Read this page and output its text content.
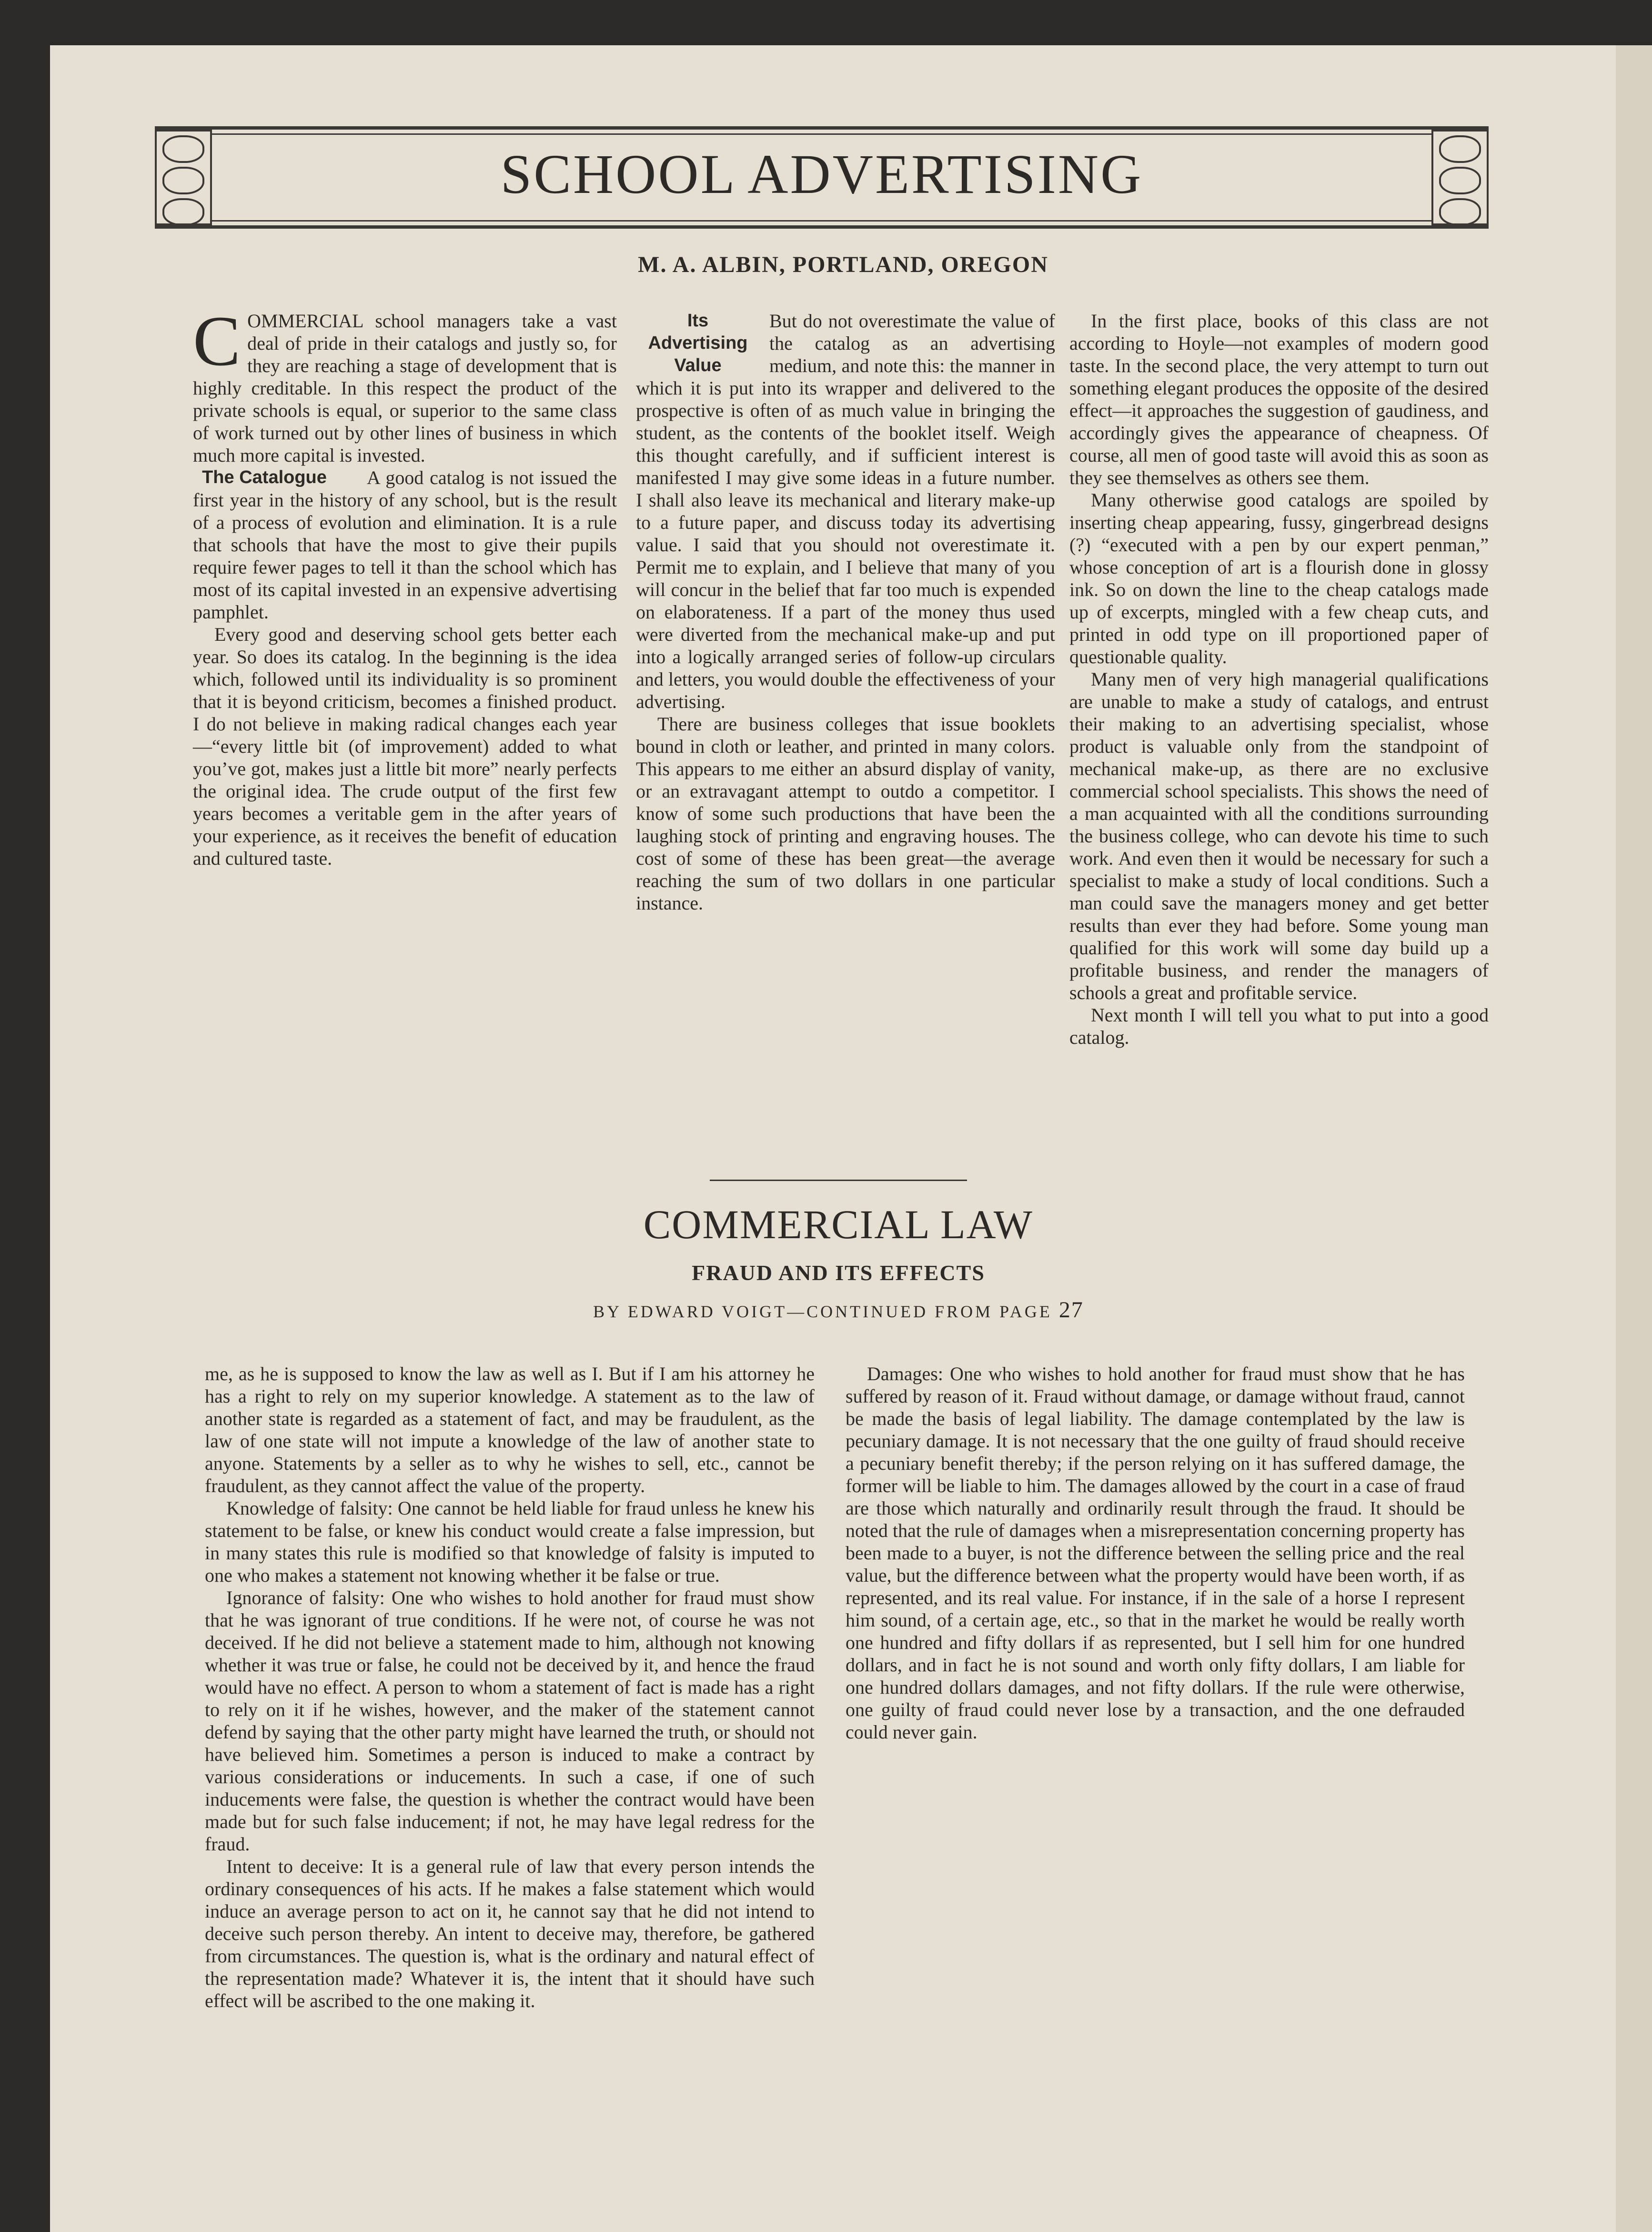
SCHOOL ADVERTISING
M. A. ALBIN, PORTLAND, OREGON

COMMERCIAL school managers take a vast deal of pride in their catalogs and justly so, for they are reaching a stage of development that is highly creditable. In this respect the product of the private schools is equal, or superior to the same class of work turned out by other lines of business in which much more capital is invested.

The Catalogue	A good catalog is not issued the first year in the history of any school, but is the result of a process of evolution and elimination. It is a rule that schools that have the most to give their pupils require fewer pages to tell it than the school which has most of its capital invested in an expensive advertising pamphlet.

Every good and deserving school gets better each year. So does its catalog. In the beginning is the idea which, followed until its individuality is so prominent that it is beyond criticism, becomes a finished product. I do not believe in making radical changes each year—“every little bit (of improvement) added to what you’ve got, makes just a little bit more” nearly perfects the original idea. The crude output of the first few years becomes a veritable gem in the after years of your experience, as it receives the benefit of education and cultured taste.

Its Advertising Value

But do not overestimate the value of the catalog as an advertising medium, and note this: the manner in which it is put into its wrapper and delivered to the prospective is often of as much value in bringing the student, as the contents of the booklet itself. Weigh this thought carefully, and if sufficient interest is manifested I may give some ideas in a future number. I shall also leave its mechanical and literary make-up to a future paper, and discuss today its advertising value. I said that you should not overestimate it. Permit me to explain, and I believe that many of you will concur in the belief that far too much is expended on elaborateness. If a part of the money thus used were diverted from the mechanical make-up and put into a logically arranged series of follow-up circulars and letters, you would double the effectiveness of your advertising.

There are business colleges that issue booklets bound in cloth or leather, and printed in many colors. This appears to me either an absurd display of vanity, or an extravagant attempt to outdo a competitor. I know of some such productions that have been the laughing stock of printing and engraving houses. The cost of some of these has been great—the average reaching the sum of two dollars in one particular instance.

In the first place, books of this class are not according to Hoyle—not examples of modern good taste. In the second place, the very attempt to turn out something elegant produces the opposite of the desired effect—it approaches the suggestion of gaudiness, and accordingly gives the appearance of cheapness. Of course, all men of good taste will avoid this as soon as they see themselves as others see them.

Many otherwise good catalogs are spoiled by inserting cheap appearing, fussy, gingerbread designs (?) “executed with a pen by our expert penman,” whose conception of art is a flourish done in glossy ink. So on down the line to the cheap catalogs made up of excerpts, mingled with a few cheap cuts, and printed in odd type on ill proportioned paper of questionable quality.

Many men of very high managerial qualifications are unable to make a study of catalogs, and entrust their making to an advertising specialist, whose product is valuable only from the standpoint of mechanical make-up, as there are no exclusive commercial school specialists. This shows the need of a man acquainted with all the conditions surrounding the business college, who can devote his time to such work. And even then it would be necessary for such a specialist to make a study of local conditions. Such a man could save the managers money and get better results than ever they had before. Some young man qualified for this work will some day build up a profitable business, and render the managers of schools a great and profitable service.

Next month I will tell you what to put into a good catalog.

COMMERCIAL LAW
FRAUD AND ITS EFFECTS
BY EDWARD VOIGT—CONTINUED FROM PAGE 27

me, as he is supposed to know the law as well as I. But if I am his attorney he has a right to rely on my superior knowledge. A statement as to the law of another state is regarded as a statement of fact, and may be fraudulent, as the law of one state will not impute a knowledge of the law of another state to anyone. Statements by a seller as to why he wishes to sell, etc., cannot be fraudulent, as they cannot affect the value of the property.

Knowledge of falsity: One cannot be held liable for fraud unless he knew his statement to be false, or knew his conduct would create a false impression, but in many states this rule is modified so that knowledge of falsity is imputed to one who makes a statement not knowing whether it be false or true.

Ignorance of falsity: One who wishes to hold another for fraud must show that he was ignorant of true conditions. If he were not, of course he was not deceived. If he did not believe a statement made to him, although not knowing whether it was true or false, he could not be deceived by it, and hence the fraud would have no effect. A person to whom a statement of fact is made has a right to rely on it if he wishes, however, and the maker of the statement cannot defend by saying that the other party might have learned the truth, or should not have believed him. Sometimes a person is induced to make a contract by various considerations or inducements. In such a case, if one of such inducements were false, the question is whether the contract would have been made but for such false inducement; if not, he may have legal redress for the fraud.

Intent to deceive: It is a general rule of law that every person intends the ordinary consequences of his acts. If he makes a false statement which would induce an average person to act on it, he cannot say that he did not intend to deceive such person thereby. An intent to deceive may, therefore, be gathered from circumstances. The question is, what is the ordinary and natural effect of the representation made? Whatever it is, the intent that it should have such effect will be ascribed to the one making it.

Damages: One who wishes to hold another for fraud must show that he has suffered by reason of it. Fraud without damage, or damage without fraud, cannot be made the basis of legal liability. The damage contemplated by the law is pecuniary damage. It is not necessary that the one guilty of fraud should receive a pecuniary benefit thereby; if the person relying on it has suffered damage, the former will be liable to him. The damages allowed by the court in a case of fraud are those which naturally and ordinarily result through the fraud. It should be noted that the rule of damages when a misrepresentation concerning property has been made to a buyer, is not the difference between the selling price and the real value, but the difference between what the property would have been worth, if as represented, and its real value. For instance, if in the sale of a horse I represent him sound, of a certain age, etc., so that in the market he would be really worth one hundred and fifty dollars if as represented, but I sell him for one hundred dollars, and in fact he is not sound and worth only fifty dollars, I am liable for one hundred dollars damages, and not fifty dollars. If the rule were otherwise, one guilty of fraud could never lose by a transaction, and the one defrauded could never gain.
